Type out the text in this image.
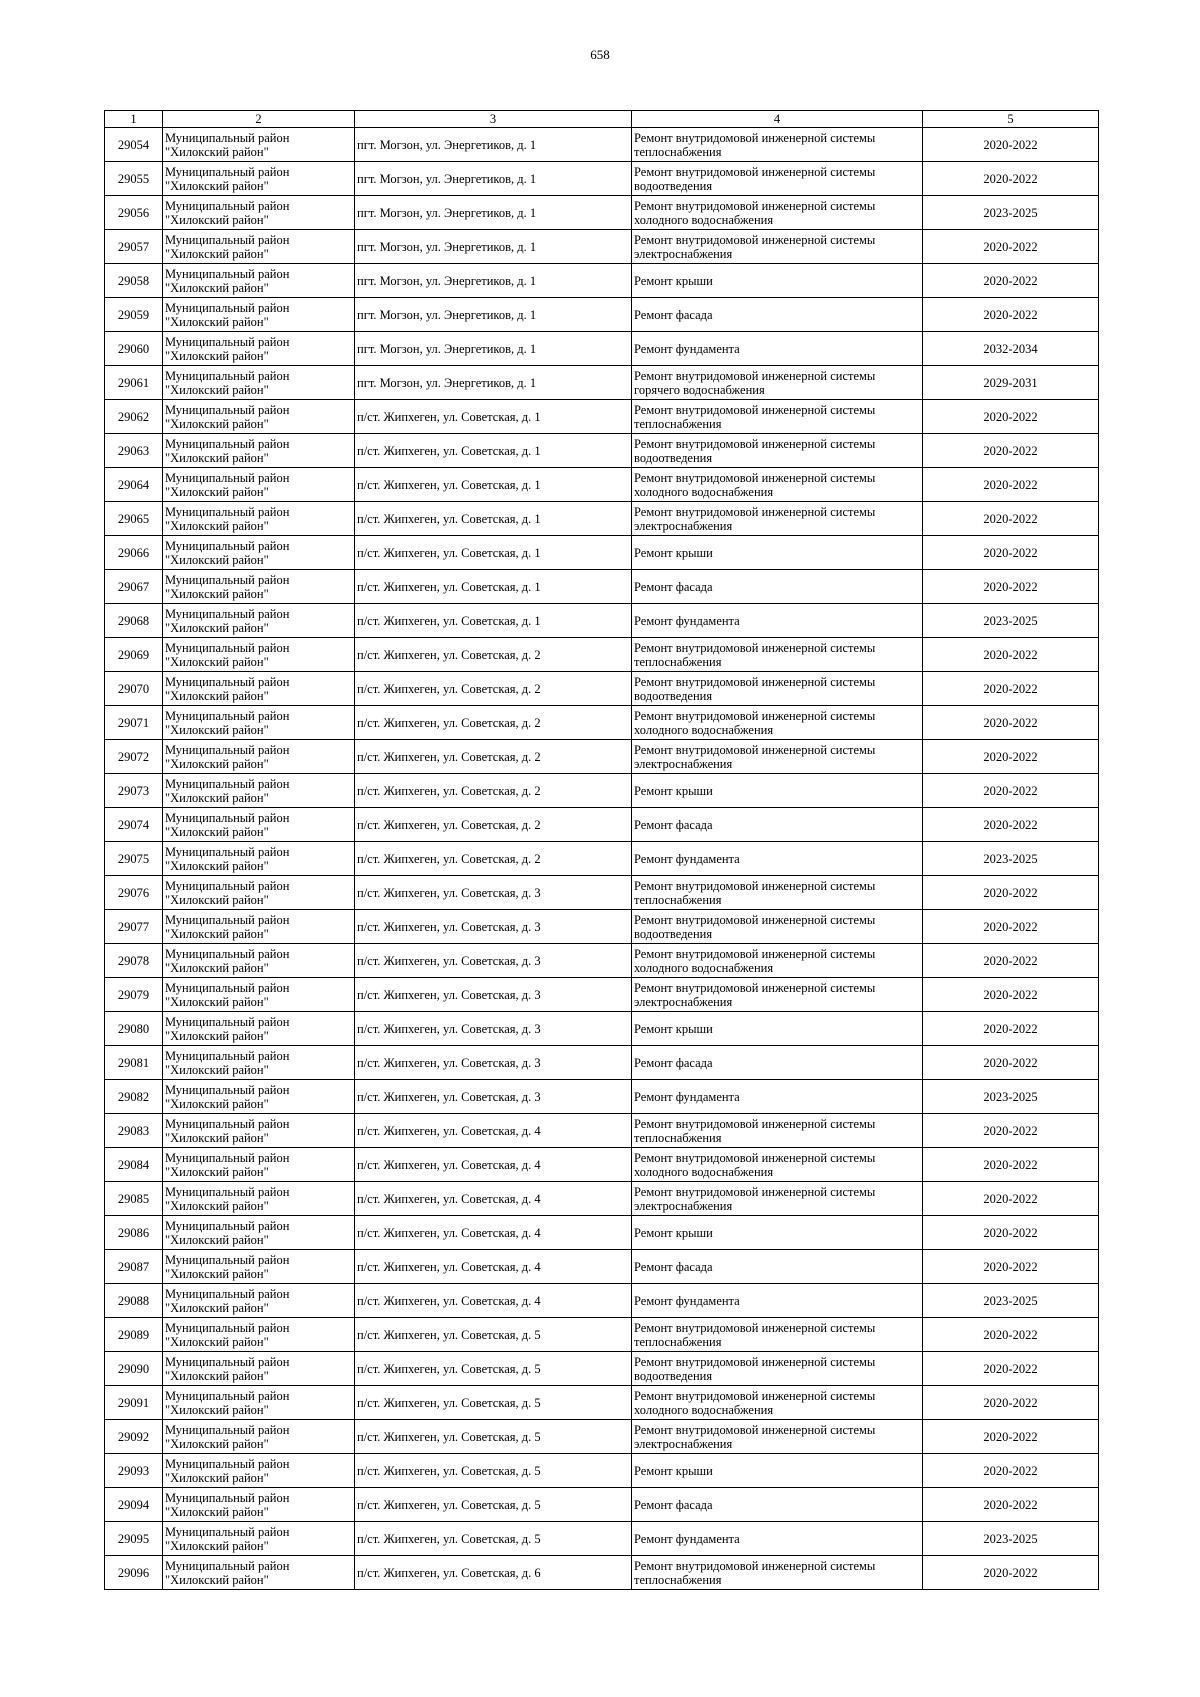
658
1	2	3	4	5
29054	Муниципальный район
"Хилокский район"	пгт. Могзон, ул. Энергетиков, д. 1	Ремонт внутридомовой инженерной системы
теплоснабжения	2020-2022
29055	Муниципальный район
"Хилокский район"	пгт. Могзон, ул. Энергетиков, д. 1	Ремонт внутридомовой инженерной системы
водоотведения	2020-2022
29056	Муниципальный район
"Хилокский район"	пгт. Могзон, ул. Энергетиков, д. 1	Ремонт внутридомовой инженерной системы
холодного водоснабжения	2023-2025
29057	Муниципальный район
"Хилокский район"	пгт. Могзон, ул. Энергетиков, д. 1	Ремонт внутридомовой инженерной системы
электроснабжения	2020-2022
29058	Муниципальный район
"Хилокский район"	пгт. Могзон, ул. Энергетиков, д. 1	Ремонт крыши	2020-2022
29059	Муниципальный район
"Хилокский район"	пгт. Могзон, ул. Энергетиков, д. 1	Ремонт фасада	2020-2022
29060	Муниципальный район
"Хилокский район"	пгт. Могзон, ул. Энергетиков, д. 1	Ремонт фундамента	2032-2034
29061	Муниципальный район
"Хилокский район"	пгт. Могзон, ул. Энергетиков, д. 1	Ремонт внутридомовой инженерной системы
горячего водоснабжения	2029-2031
29062	Муниципальный район
"Хилокский район"	п/ст. Жипхеген, ул. Советская, д. 1	Ремонт внутридомовой инженерной системы
теплоснабжения	2020-2022
29063	Муниципальный район
"Хилокский район"	п/ст. Жипхеген, ул. Советская, д. 1	Ремонт внутридомовой инженерной системы
водоотведения	2020-2022
29064	Муниципальный район
"Хилокский район"	п/ст. Жипхеген, ул. Советская, д. 1	Ремонт внутридомовой инженерной системы
холодного водоснабжения	2020-2022
29065	Муниципальный район
"Хилокский район"	п/ст. Жипхеген, ул. Советская, д. 1	Ремонт внутридомовой инженерной системы
электроснабжения	2020-2022
29066	Муниципальный район
"Хилокский район"	п/ст. Жипхеген, ул. Советская, д. 1	Ремонт крыши	2020-2022
29067	Муниципальный район
"Хилокский район"	п/ст. Жипхеген, ул. Советская, д. 1	Ремонт фасада	2020-2022
29068	Муниципальный район
"Хилокский район"	п/ст. Жипхеген, ул. Советская, д. 1	Ремонт фундамента	2023-2025
29069	Муниципальный район
"Хилокский район"	п/ст. Жипхеген, ул. Советская, д. 2	Ремонт внутридомовой инженерной системы
теплоснабжения	2020-2022
29070	Муниципальный район
"Хилокский район"	п/ст. Жипхеген, ул. Советская, д. 2	Ремонт внутридомовой инженерной системы
водоотведения	2020-2022
29071	Муниципальный район
"Хилокский район"	п/ст. Жипхеген, ул. Советская, д. 2	Ремонт внутридомовой инженерной системы
холодного водоснабжения	2020-2022
29072	Муниципальный район
"Хилокский район"	п/ст. Жипхеген, ул. Советская, д. 2	Ремонт внутридомовой инженерной системы
электроснабжения	2020-2022
29073	Муниципальный район
"Хилокский район"	п/ст. Жипхеген, ул. Советская, д. 2	Ремонт крыши	2020-2022
29074	Муниципальный район
"Хилокский район"	п/ст. Жипхеген, ул. Советская, д. 2	Ремонт фасада	2020-2022
29075	Муниципальный район
"Хилокский район"	п/ст. Жипхеген, ул. Советская, д. 2	Ремонт фундамента	2023-2025
29076	Муниципальный район
"Хилокский район"	п/ст. Жипхеген, ул. Советская, д. 3	Ремонт внутридомовой инженерной системы
теплоснабжения	2020-2022
29077	Муниципальный район
"Хилокский район"	п/ст. Жипхеген, ул. Советская, д. 3	Ремонт внутридомовой инженерной системы
водоотведения	2020-2022
29078	Муниципальный район
"Хилокский район"	п/ст. Жипхеген, ул. Советская, д. 3	Ремонт внутридомовой инженерной системы
холодного водоснабжения	2020-2022
29079	Муниципальный район
"Хилокский район"	п/ст. Жипхеген, ул. Советская, д. 3	Ремонт внутридомовой инженерной системы
электроснабжения	2020-2022
29080	Муниципальный район
"Хилокский район"	п/ст. Жипхеген, ул. Советская, д. 3	Ремонт крыши	2020-2022
29081	Муниципальный район
"Хилокский район"	п/ст. Жипхеген, ул. Советская, д. 3	Ремонт фасада	2020-2022
29082	Муниципальный район
"Хилокский район"	п/ст. Жипхеген, ул. Советская, д. 3	Ремонт фундамента	2023-2025
29083	Муниципальный район
"Хилокский район"	п/ст. Жипхеген, ул. Советская, д. 4	Ремонт внутридомовой инженерной системы
теплоснабжения	2020-2022
29084	Муниципальный район
"Хилокский район"	п/ст. Жипхеген, ул. Советская, д. 4	Ремонт внутридомовой инженерной системы
холодного водоснабжения	2020-2022
29085	Муниципальный район
"Хилокский район"	п/ст. Жипхеген, ул. Советская, д. 4	Ремонт внутридомовой инженерной системы
электроснабжения	2020-2022
29086	Муниципальный район
"Хилокский район"	п/ст. Жипхеген, ул. Советская, д. 4	Ремонт крыши	2020-2022
29087	Муниципальный район
"Хилокский район"	п/ст. Жипхеген, ул. Советская, д. 4	Ремонт фасада	2020-2022
29088	Муниципальный район
"Хилокский район"	п/ст. Жипхеген, ул. Советская, д. 4	Ремонт фундамента	2023-2025
29089	Муниципальный район
"Хилокский район"	п/ст. Жипхеген, ул. Советская, д. 5	Ремонт внутридомовой инженерной системы
теплоснабжения	2020-2022
29090	Муниципальный район
"Хилокский район"	п/ст. Жипхеген, ул. Советская, д. 5	Ремонт внутридомовой инженерной системы
водоотведения	2020-2022
29091	Муниципальный район
"Хилокский район"	п/ст. Жипхеген, ул. Советская, д. 5	Ремонт внутридомовой инженерной системы
холодного водоснабжения	2020-2022
29092	Муниципальный район
"Хилокский район"	п/ст. Жипхеген, ул. Советская, д. 5	Ремонт внутридомовой инженерной системы
электроснабжения	2020-2022
29093	Муниципальный район
"Хилокский район"	п/ст. Жипхеген, ул. Советская, д. 5	Ремонт крыши	2020-2022
29094	Муниципальный район
"Хилокский район"	п/ст. Жипхеген, ул. Советская, д. 5	Ремонт фасада	2020-2022
29095	Муниципальный район
"Хилокский район"	п/ст. Жипхеген, ул. Советская, д. 5	Ремонт фундамента	2023-2025
29096	Муниципальный район
"Хилокский район"	п/ст. Жипхеген, ул. Советская, д. 6	Ремонт внутридомовой инженерной системы
теплоснабжения	2020-2022
